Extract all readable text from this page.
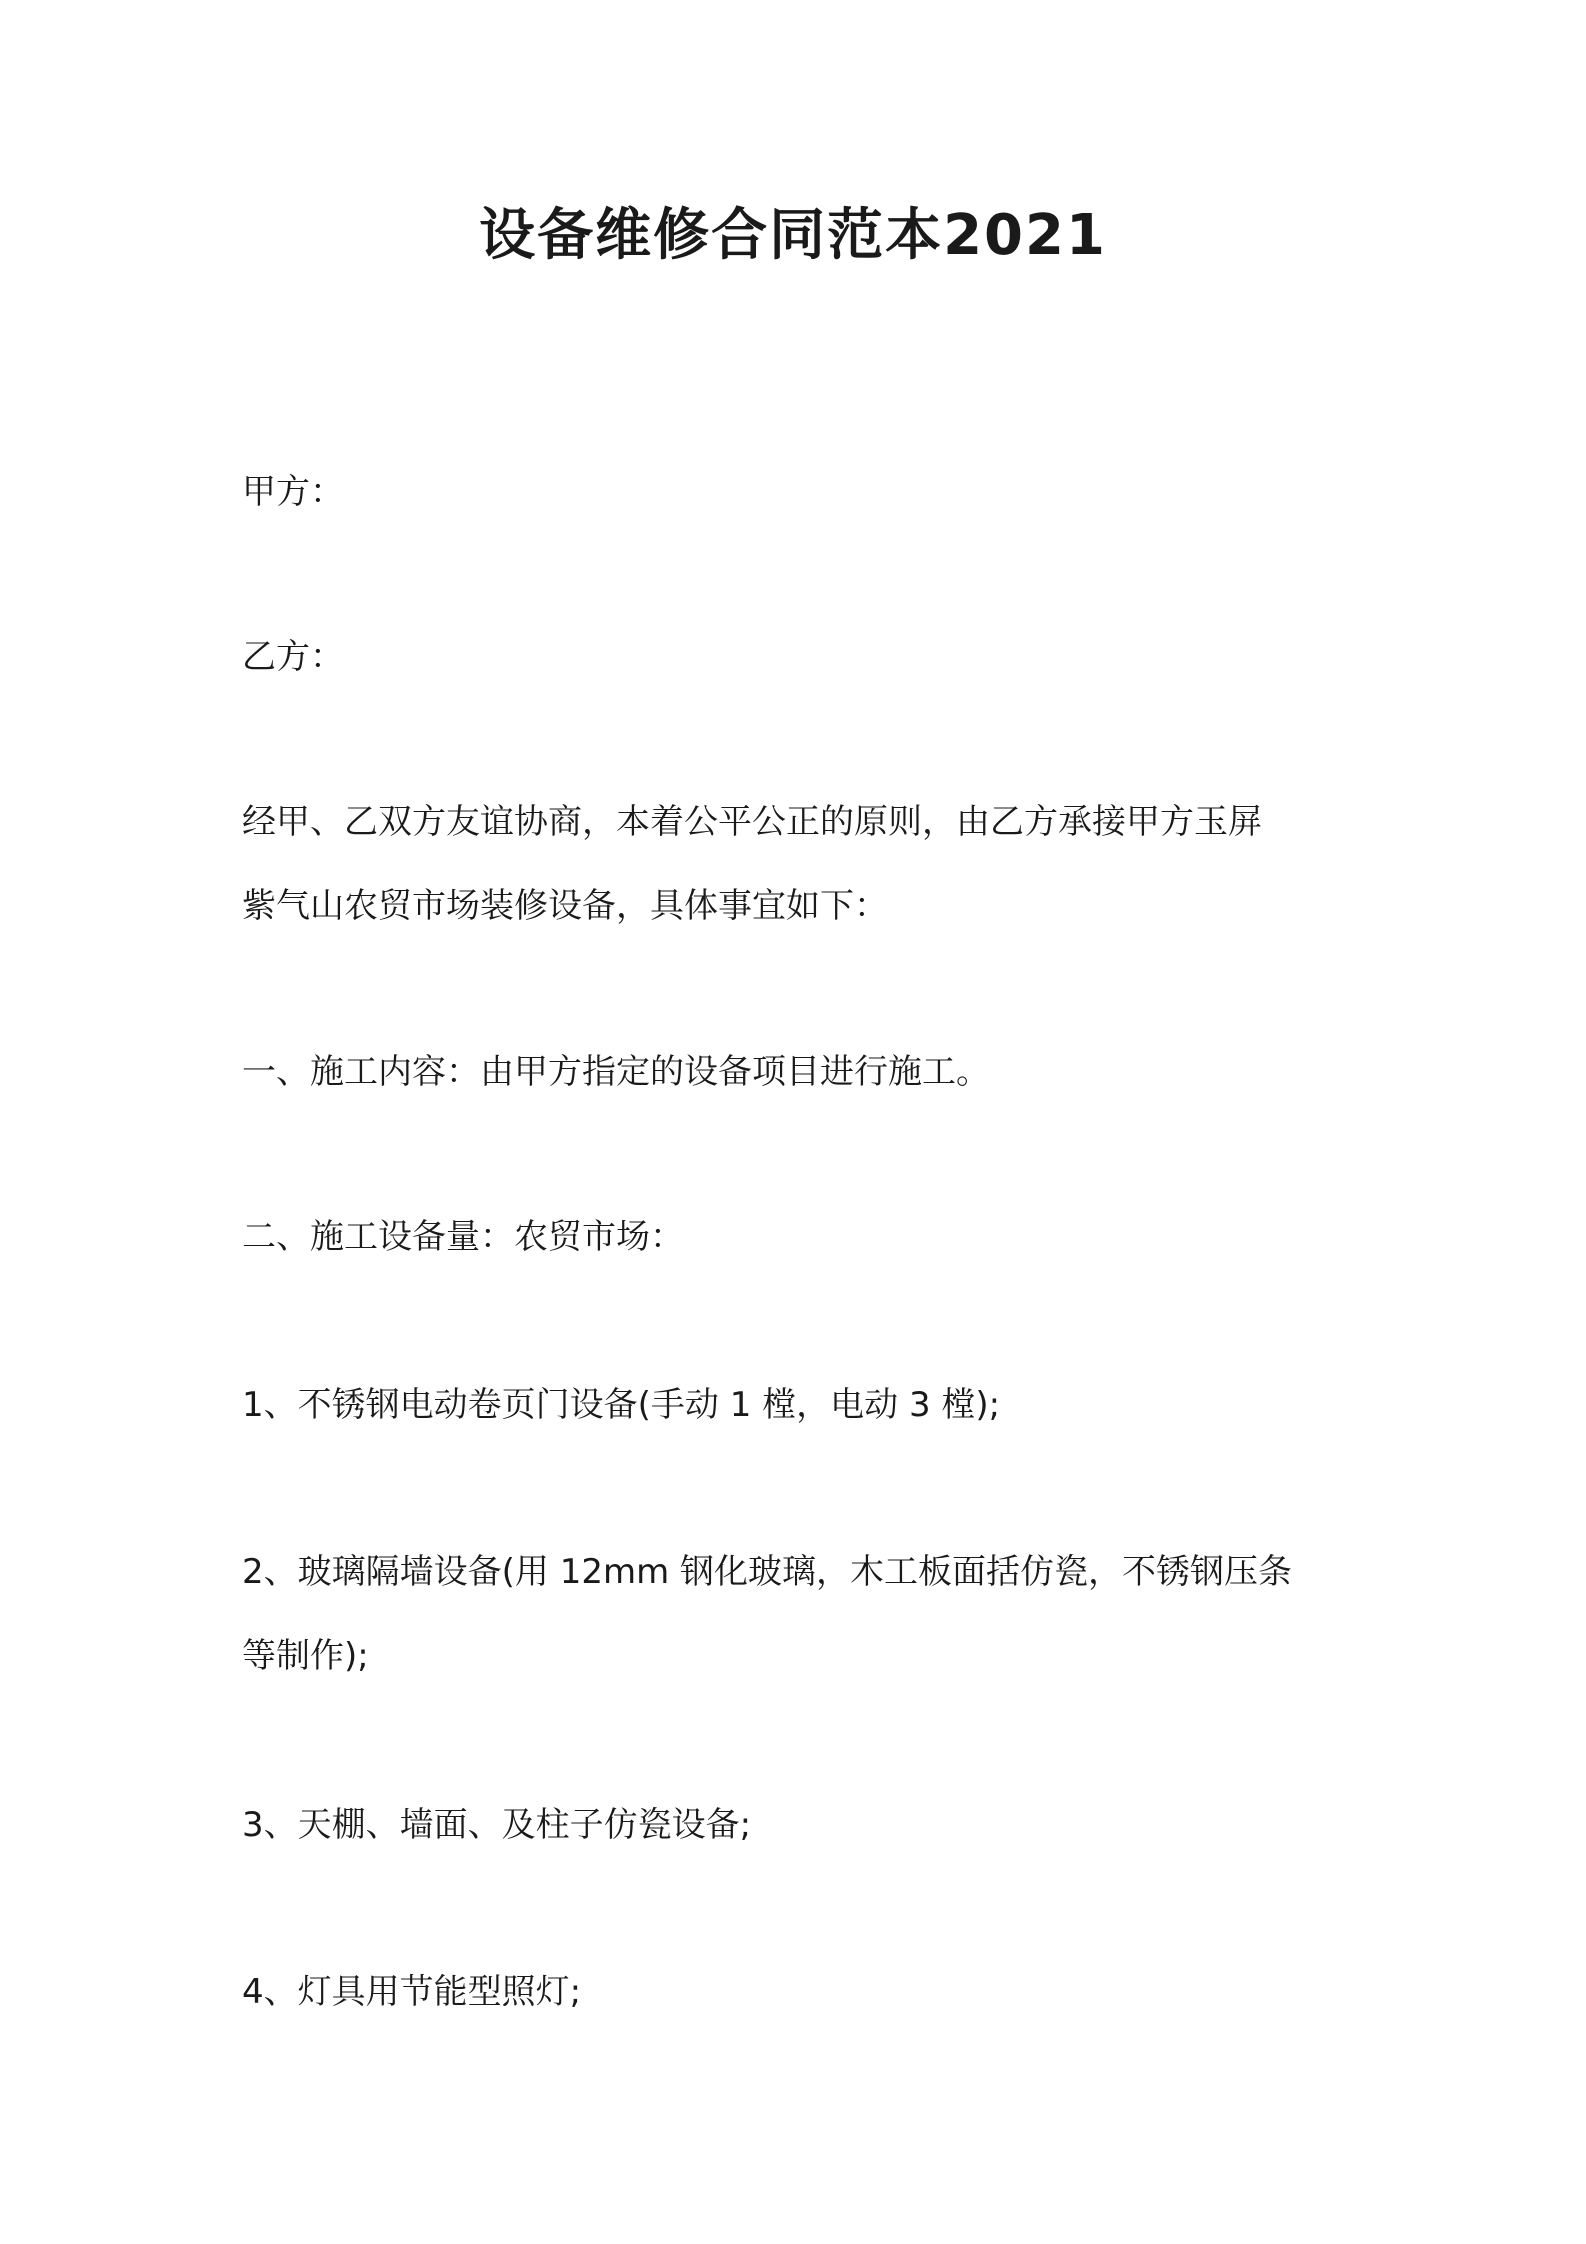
设备维修合同范本2021

甲方：

乙方：

经甲、乙双方友谊协商，本着公平公正的原则，由乙方承接甲方玉屏
紫气山农贸市场装修设备，具体事宜如下：

一、施工内容：由甲方指定的设备项目进行施工。

二、施工设备量：农贸市场：

1、不锈钢电动卷页门设备(手动 1 樘，电动 3 樘);

2、玻璃隔墙设备(用 12mm 钢化玻璃，木工板面括仿瓷，不锈钢压条
等制作);

3、天棚、墙面、及柱子仿瓷设备;

4、灯具用节能型照灯;
